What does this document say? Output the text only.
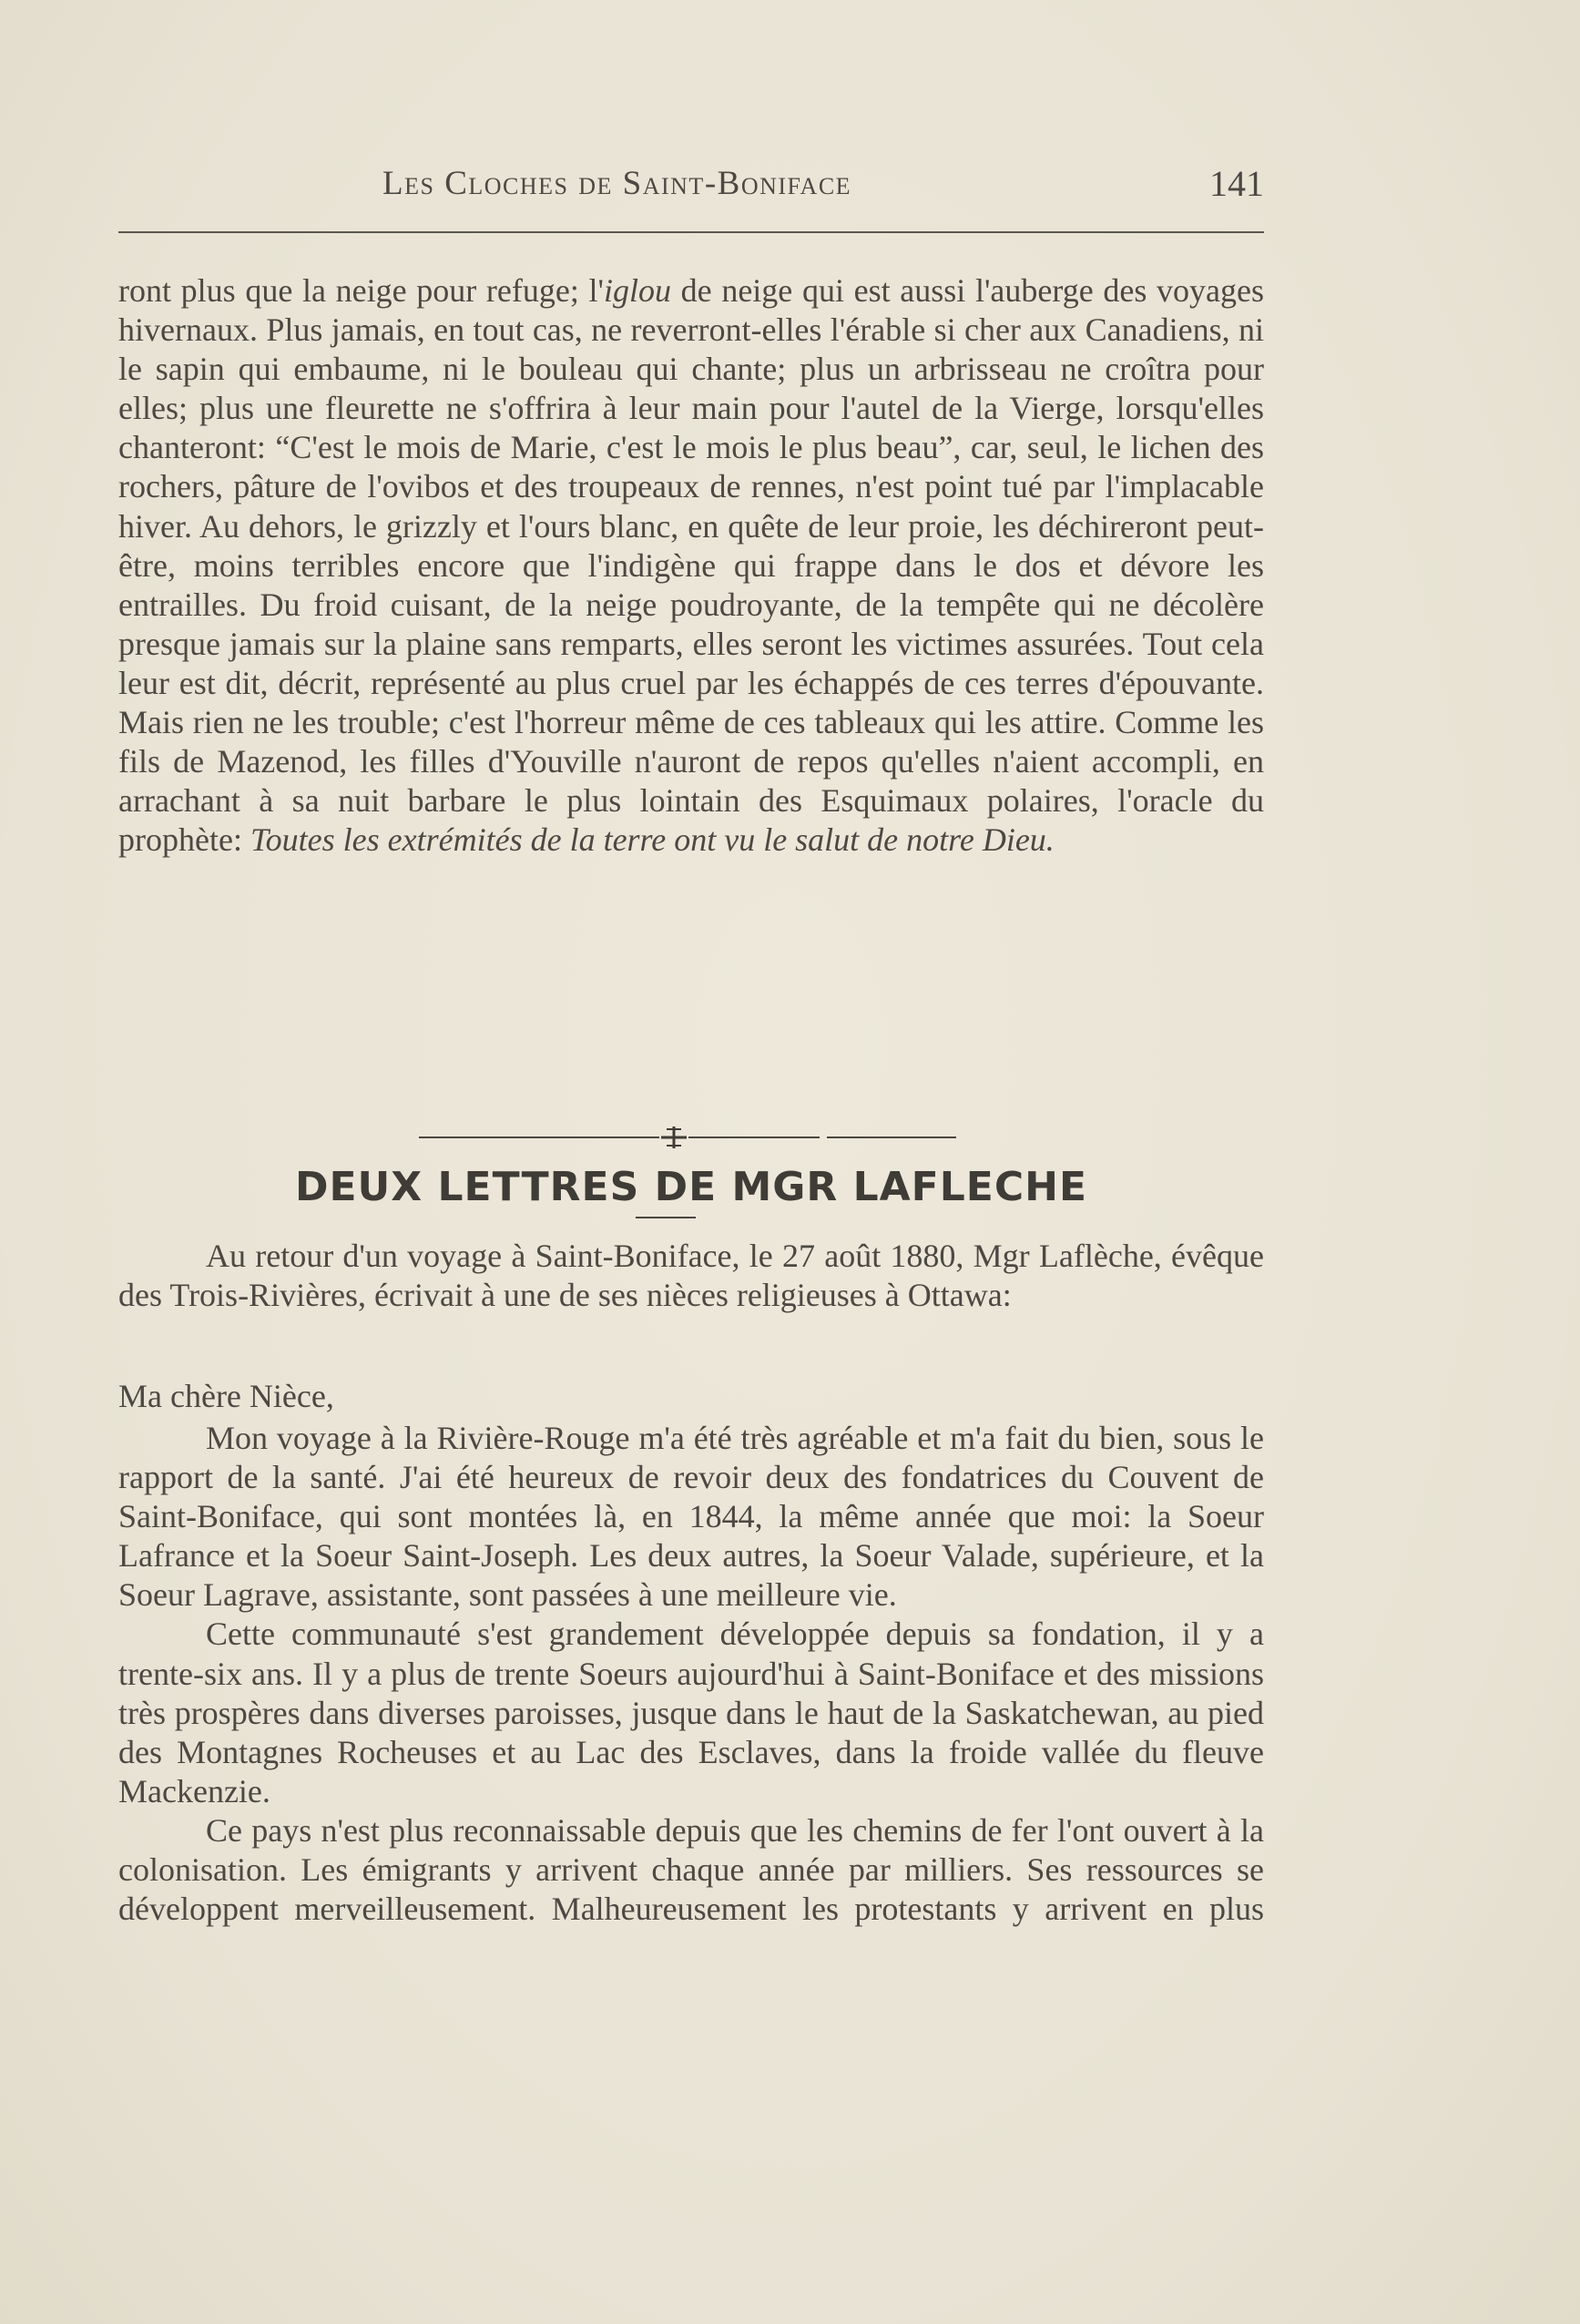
Les Cloches de Saint-Boniface	141

ront plus que la neige pour refuge; l'iglou de neige qui est aussi l'auberge des voyages hivernaux. Plus jamais, en tout cas, ne reverront-elles l'érable si cher aux Canadiens, ni le sapin qui embaume, ni le bouleau qui chante; plus un arbrisseau ne croîtra pour elles; plus une fleurette ne s'offrira à leur main pour l'autel de la Vierge, lorsqu'elles chanteront: “C'est le mois de Marie, c'est le mois le plus beau”, car, seul, le lichen des rochers, pâture de l'ovibos et des troupeaux de rennes, n'est point tué par l'implacable hiver. Au dehors, le grizzly et l'ours blanc, en quête de leur proie, les déchireront peut-être, moins terribles encore que l'indigène qui frappe dans le dos et dévore les entrailles. Du froid cuisant, de la neige poudroyante, de la tempête qui ne décolère presque jamais sur la plaine sans remparts, elles seront les victimes assurées. Tout cela leur est dit, décrit, représenté au plus cruel par les échappés de ces terres d'épouvante. Mais rien ne les trouble; c'est l'horreur même de ces tableaux qui les attire. Comme les fils de Mazenod, les filles d'Youville n'auront de repos qu'elles n'aient accompli, en arrachant à sa nuit barbare le plus lointain des Esquimaux polaires, l'oracle du prophète: Toutes les extrémités de la terre ont vu le salut de notre Dieu.

DEUX LETTRES DE MGR LAFLECHE

Au retour d'un voyage à Saint-Boniface, le 27 août 1880, Mgr Laflèche, évêque des Trois-Rivières, écrivait à une de ses nièces religieuses à Ottawa:

Ma chère Nièce,

Mon voyage à la Rivière-Rouge m'a été très agréable et m'a fait du bien, sous le rapport de la santé. J'ai été heureux de revoir deux des fondatrices du Couvent de Saint-Boniface, qui sont montées là, en 1844, la même année que moi: la Soeur Lafrance et la Soeur Saint-Joseph. Les deux autres, la Soeur Valade, supérieure, et la Soeur Lagrave, assistante, sont passées à une meilleure vie.

Cette communauté s'est grandement développée depuis sa fondation, il y a trente-six ans. Il y a plus de trente Soeurs aujourd'hui à Saint-Boniface et des missions très prospères dans diverses paroisses, jusque dans le haut de la Saskatchewan, au pied des Montagnes Rocheuses et au Lac des Esclaves, dans la froide vallée du fleuve Mackenzie.

Ce pays n'est plus reconnaissable depuis que les chemins de fer l'ont ouvert à la colonisation. Les émigrants y arrivent chaque année par milliers. Ses ressources se développent merveilleusement. Malheureusement les protestants y arrivent en plus
